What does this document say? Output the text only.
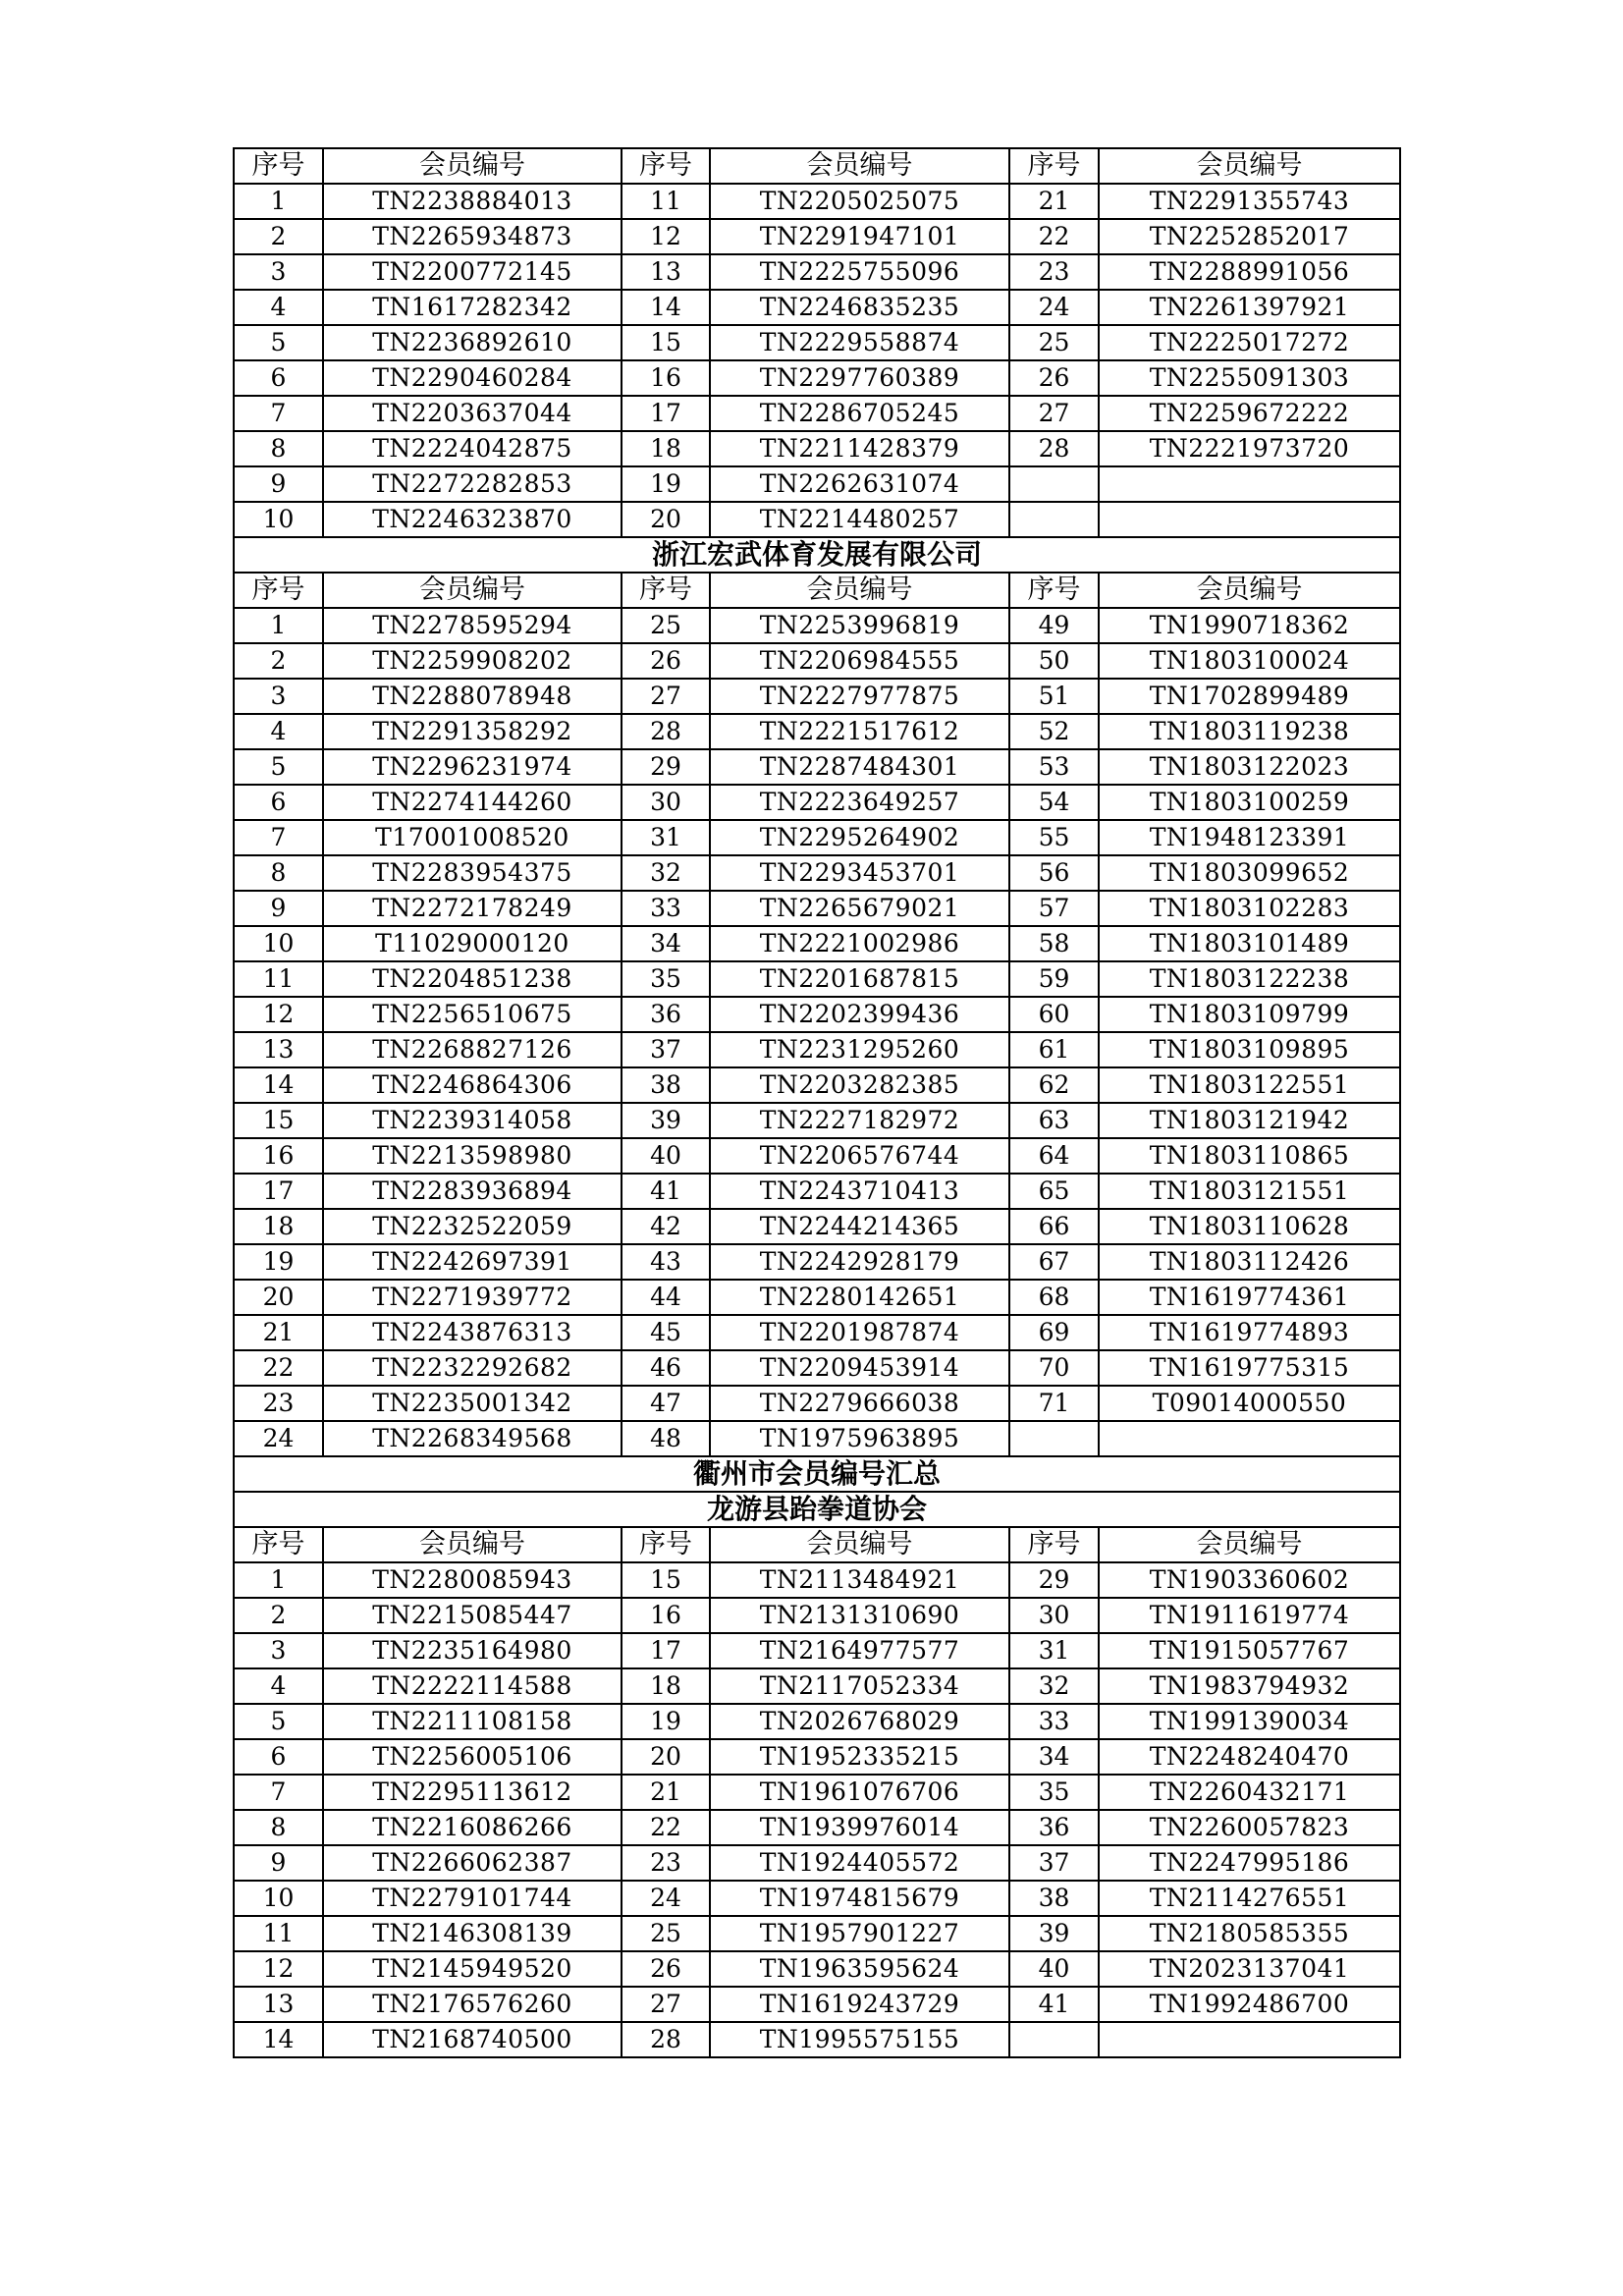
序号	会员编号	序号	会员编号	序号	会员编号
1	TN2238884013	11	TN2205025075	21	TN2291355743
2	TN2265934873	12	TN2291947101	22	TN2252852017
3	TN2200772145	13	TN2225755096	23	TN2288991056
4	TN1617282342	14	TN2246835235	24	TN2261397921
5	TN2236892610	15	TN2229558874	25	TN2225017272
6	TN2290460284	16	TN2297760389	26	TN2255091303
7	TN2203637044	17	TN2286705245	27	TN2259672222
8	TN2224042875	18	TN2211428379	28	TN2221973720
9	TN2272282853	19	TN2262631074		
10	TN2246323870	20	TN2214480257		
浙江宏武体育发展有限公司					
序号	会员编号	序号	会员编号	序号	会员编号
1	TN2278595294	25	TN2253996819	49	TN1990718362
2	TN2259908202	26	TN2206984555	50	TN1803100024
3	TN2288078948	27	TN2227977875	51	TN1702899489
4	TN2291358292	28	TN2221517612	52	TN1803119238
5	TN2296231974	29	TN2287484301	53	TN1803122023
6	TN2274144260	30	TN2223649257	54	TN1803100259
7	T17001008520	31	TN2295264902	55	TN1948123391
8	TN2283954375	32	TN2293453701	56	TN1803099652
9	TN2272178249	33	TN2265679021	57	TN1803102283
10	T11029000120	34	TN2221002986	58	TN1803101489
11	TN2204851238	35	TN2201687815	59	TN1803122238
12	TN2256510675	36	TN2202399436	60	TN1803109799
13	TN2268827126	37	TN2231295260	61	TN1803109895
14	TN2246864306	38	TN2203282385	62	TN1803122551
15	TN2239314058	39	TN2227182972	63	TN1803121942
16	TN2213598980	40	TN2206576744	64	TN1803110865
17	TN2283936894	41	TN2243710413	65	TN1803121551
18	TN2232522059	42	TN2244214365	66	TN1803110628
19	TN2242697391	43	TN2242928179	67	TN1803112426
20	TN2271939772	44	TN2280142651	68	TN1619774361
21	TN2243876313	45	TN2201987874	69	TN1619774893
22	TN2232292682	46	TN2209453914	70	TN1619775315
23	TN2235001342	47	TN2279666038	71	T09014000550
24	TN2268349568	48	TN1975963895		
衢州市会员编号汇总					
龙游县跆拳道协会					
序号	会员编号	序号	会员编号	序号	会员编号
1	TN2280085943	15	TN2113484921	29	TN1903360602
2	TN2215085447	16	TN2131310690	30	TN1911619774
3	TN2235164980	17	TN2164977577	31	TN1915057767
4	TN2222114588	18	TN2117052334	32	TN1983794932
5	TN2211108158	19	TN2026768029	33	TN1991390034
6	TN2256005106	20	TN1952335215	34	TN2248240470
7	TN2295113612	21	TN1961076706	35	TN2260432171
8	TN2216086266	22	TN1939976014	36	TN2260057823
9	TN2266062387	23	TN1924405572	37	TN2247995186
10	TN2279101744	24	TN1974815679	38	TN2114276551
11	TN2146308139	25	TN1957901227	39	TN2180585355
12	TN2145949520	26	TN1963595624	40	TN2023137041
13	TN2176576260	27	TN1619243729	41	TN1992486700
14	TN2168740500	28	TN1995575155		
